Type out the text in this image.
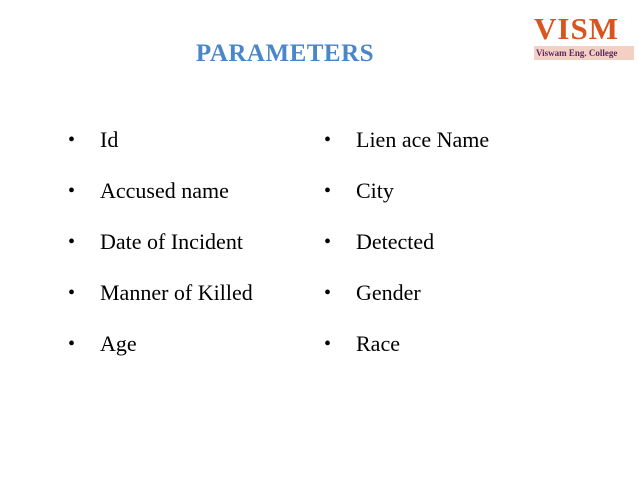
VISM
Viswam Eng. College
PARAMETERS
• Id
• Accused name
• Date of Incident
• Manner of Killed
• Age
• Lien ace Name
• City
• Detected
• Gender
• Race
